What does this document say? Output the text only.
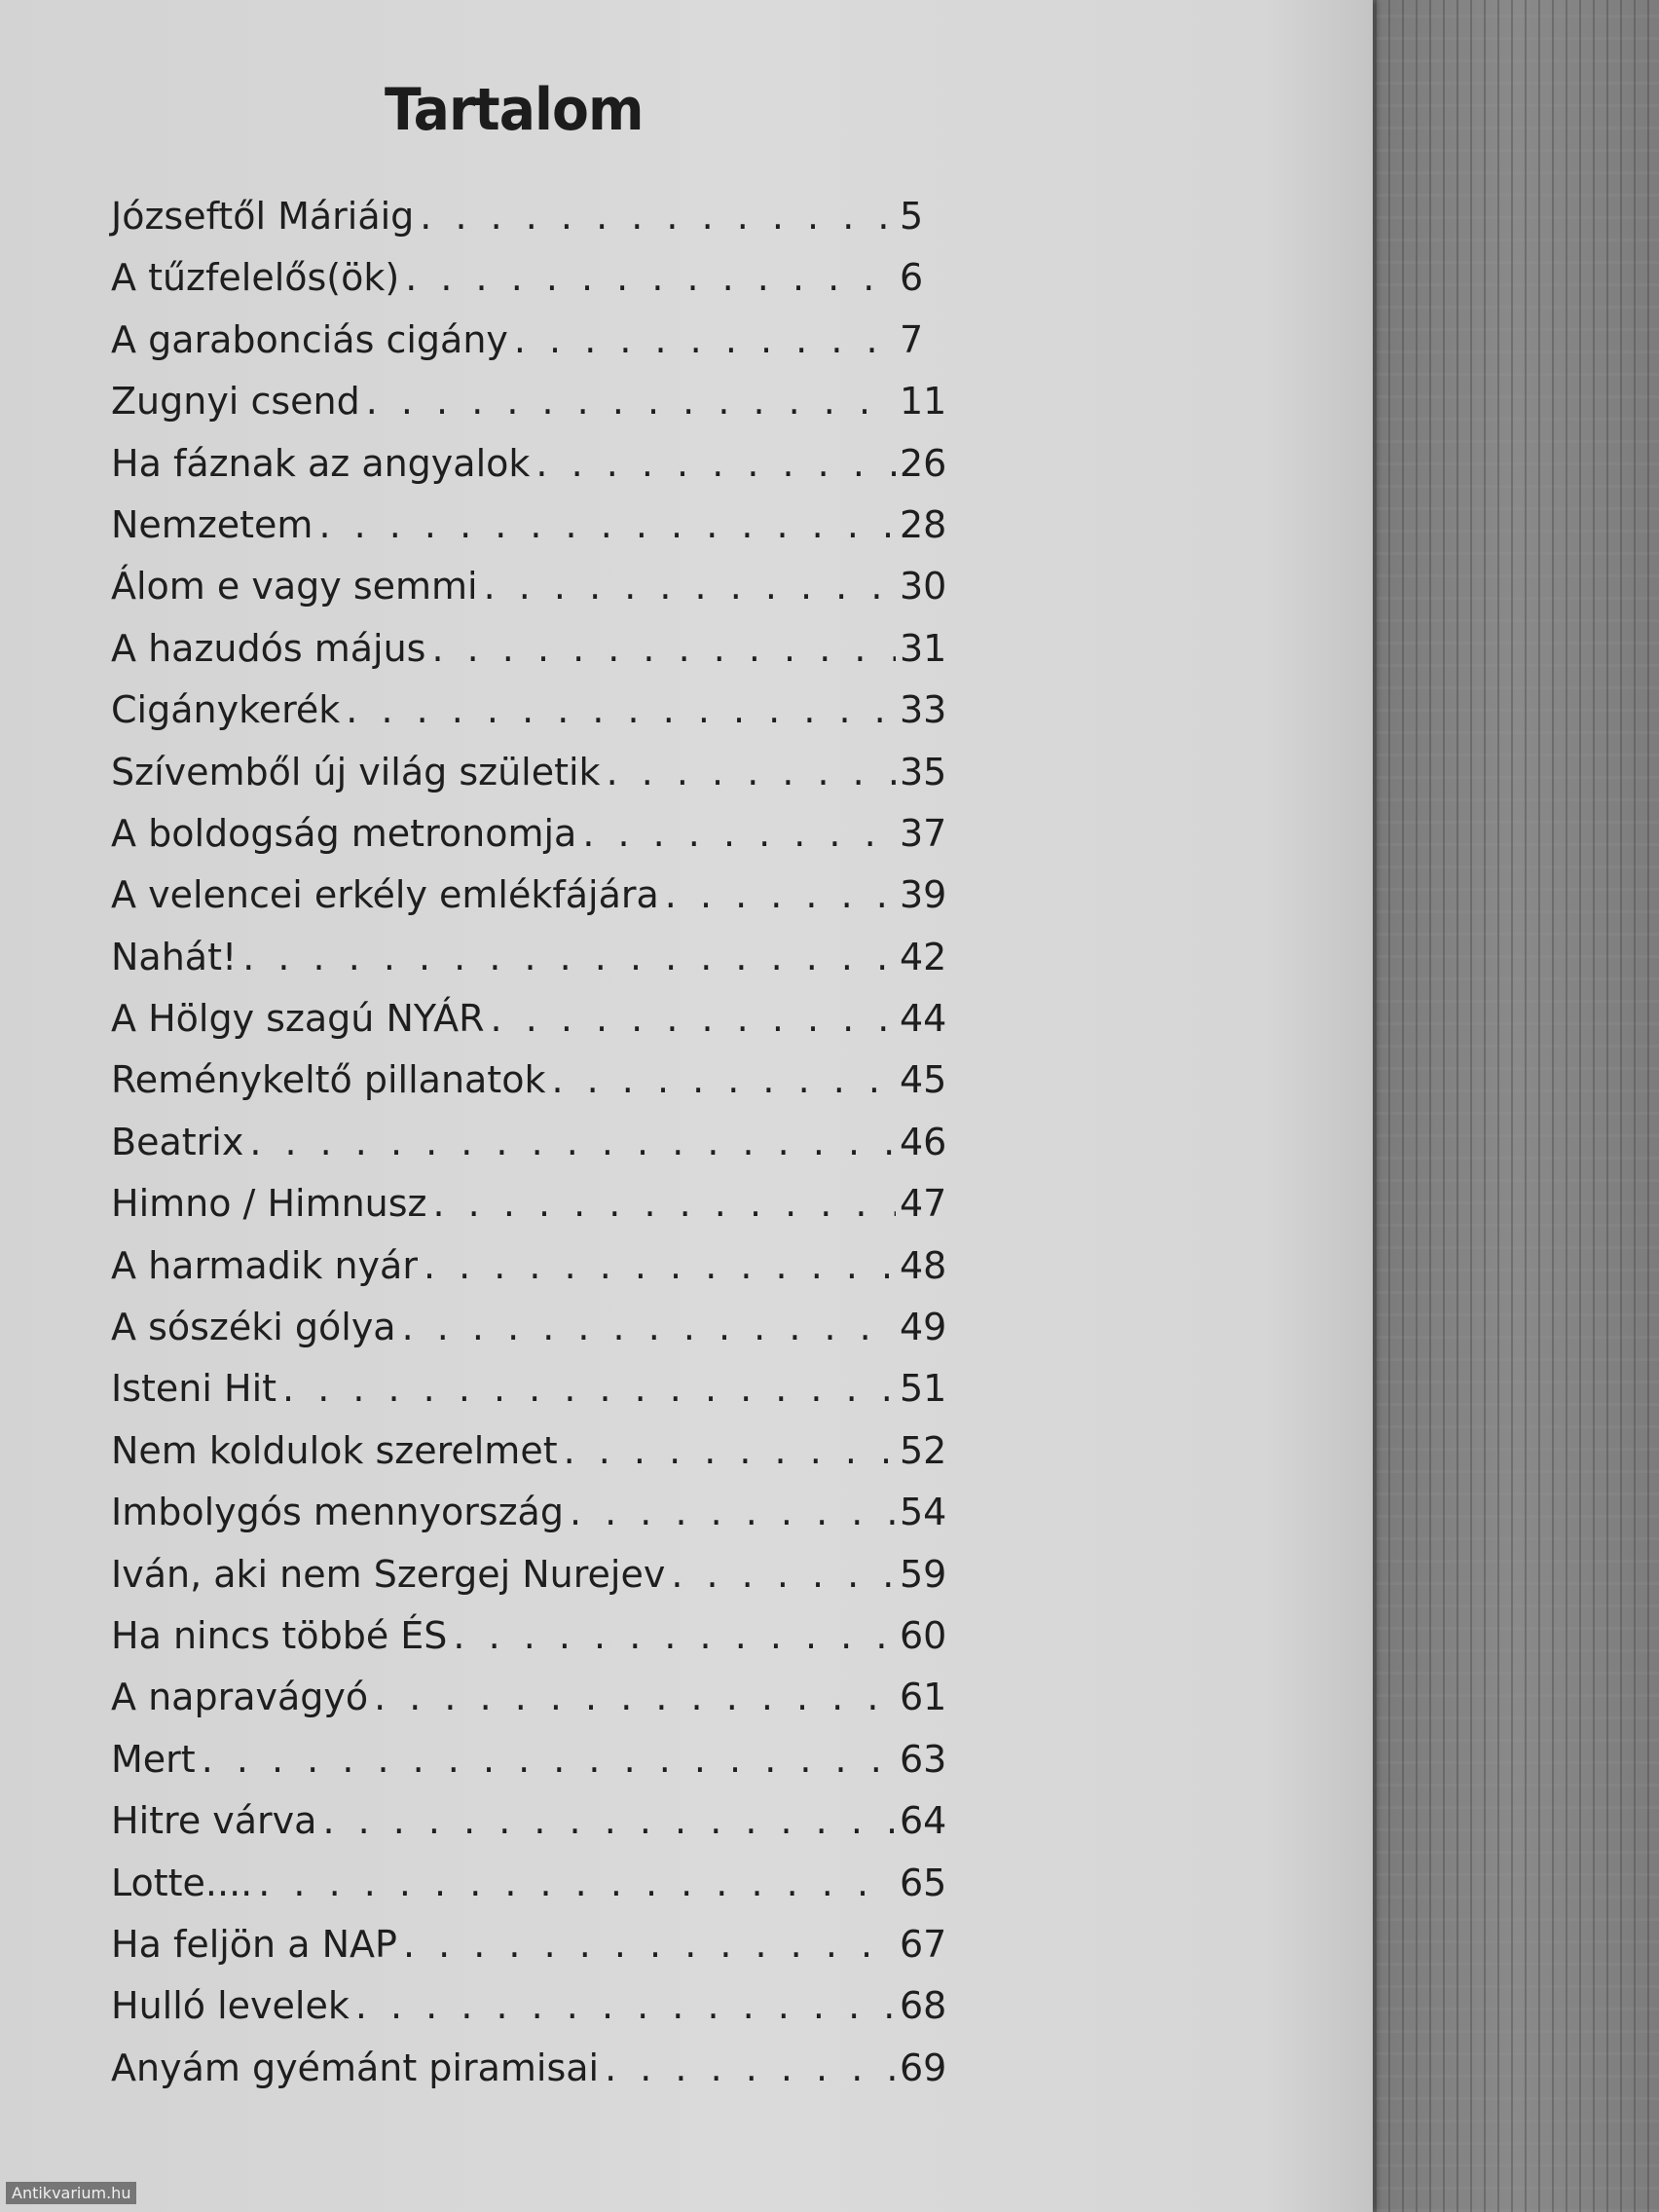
Tartalom
Józseftől Máriáig . . .	5
A tűzfelelős(ök) . . .	6
A garabonciás cigány . . .	7
Zugnyi csend . . .	11
Ha fáznak az angyalok . . .	26
Nemzetem . . .	28
Álom e vagy semmi . . .	30
A hazudós május . . .	31
Cigánykerék . . .	33
Szívemből új világ születik . . .	35
A boldogság metronomja . . .	37
A velencei erkély emlékfájára . . .	39
Nahát! . . .	42
A Hölgy szagú NYÁR . . .	44
Reménykeltő pillanatok . . .	45
Beatrix . . .	46
Himno / Himnusz . . .	47
A harmadik nyár . . .	48
A sószéki gólya . . .	49
Isteni Hit . . .	51
Nem koldulok szerelmet . . .	52
Imbolygós mennyország . . .	54
Iván, aki nem Szergej Nurejev . . .	59
Ha nincs többé ÉS . . .	60
A napravágyó . . .	61
Mert . . .	63
Hitre várva . . .	64
Lotte.... . . .	65
Ha feljön a NAP . . .	67
Hulló levelek . . .	68
Anyám gyémánt piramisai . . .	69
Antikvarium.hu
